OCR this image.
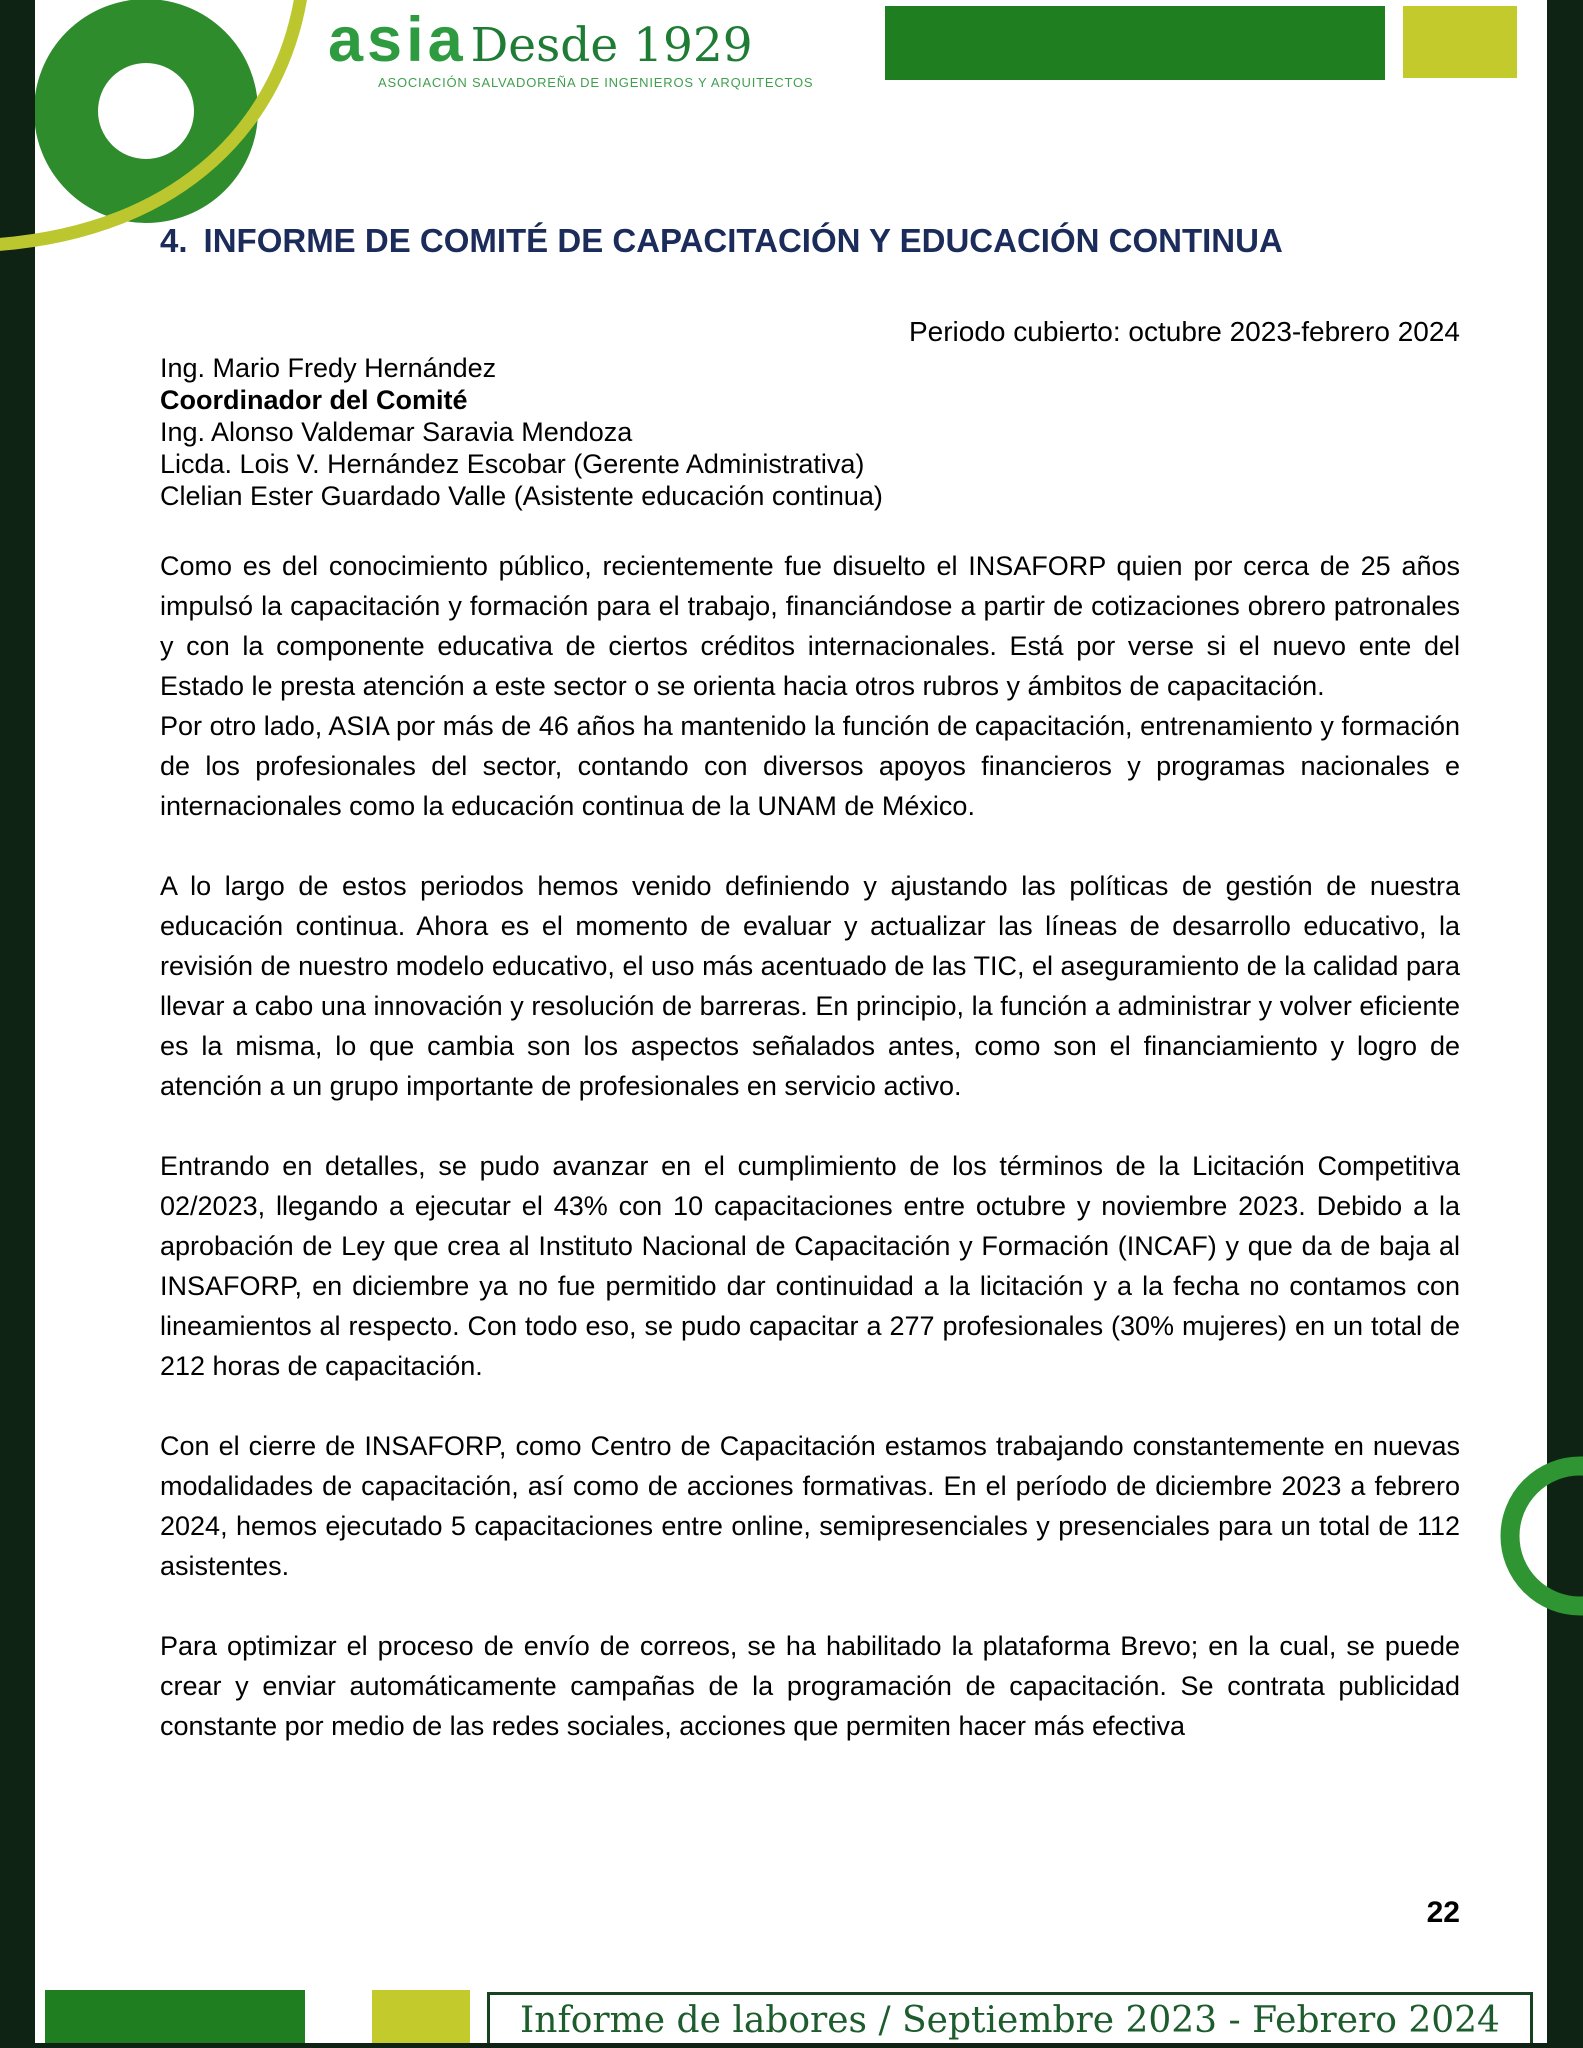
asia Desde 1929

ASOCIACIÓN SALVADOREÑA DE INGENIEROS Y ARQUITECTOS

4. INFORME DE COMITÉ DE CAPACITACIÓN Y EDUCACIÓN CONTINUA

Periodo cubierto: octubre 2023-febrero 2024

Ing. Mario Fredy Hernández
Coordinador del Comité
Ing. Alonso Valdemar Saravia Mendoza
Licda. Lois V. Hernández Escobar (Gerente Administrativa)
Clelian Ester Guardado Valle (Asistente educación continua)

Como es del conocimiento público, recientemente fue disuelto el INSAFORP quien por cerca de 25 años impulsó la capacitación y formación para el trabajo, financiándose a partir de cotizaciones obrero patronales y con la componente educativa de ciertos créditos internacionales. Está por verse si el nuevo ente del Estado le presta atención a este sector o se orienta hacia otros rubros y ámbitos de capacitación.

Por otro lado, ASIA por más de 46 años ha mantenido la función de capacitación, entrenamiento y formación de los profesionales del sector, contando con diversos apoyos financieros y programas nacionales e internacionales como la educación continua de la UNAM de México.

A lo largo de estos periodos hemos venido definiendo y ajustando las políticas de gestión de nuestra educación continua. Ahora es el momento de evaluar y actualizar las líneas de desarrollo educativo, la revisión de nuestro modelo educativo, el uso más acentuado de las TIC, el aseguramiento de la calidad para llevar a cabo una innovación y resolución de barreras. En principio, la función a administrar y volver eficiente es la misma, lo que cambia son los aspectos señalados antes, como son el financiamiento y logro de atención a un grupo importante de profesionales en servicio activo.

Entrando en detalles, se pudo avanzar en el cumplimiento de los términos de la Licitación Competitiva 02/2023, llegando a ejecutar el 43% con 10 capacitaciones entre octubre y noviembre 2023. Debido a la aprobación de Ley que crea al Instituto Nacional de Capacitación y Formación (INCAF) y que da de baja al INSAFORP, en diciembre ya no fue permitido dar continuidad a la licitación y a la fecha no contamos con lineamientos al respecto. Con todo eso, se pudo capacitar a 277 profesionales (30% mujeres) en un total de 212 horas de capacitación.

Con el cierre de INSAFORP, como Centro de Capacitación estamos trabajando constantemente en nuevas modalidades de capacitación, así como de acciones formativas. En el período de diciembre 2023 a febrero 2024, hemos ejecutado 5 capacitaciones entre online, semipresenciales y presenciales para un total de 112 asistentes.

Para optimizar el proceso de envío de correos, se ha habilitado la plataforma Brevo; en la cual, se puede crear y enviar automáticamente campañas de la programación de capacitación. Se contrata publicidad constante por medio de las redes sociales, acciones que permiten hacer más efectiva

22
Informe de labores / Septiembre 2023 - Febrero 2024
